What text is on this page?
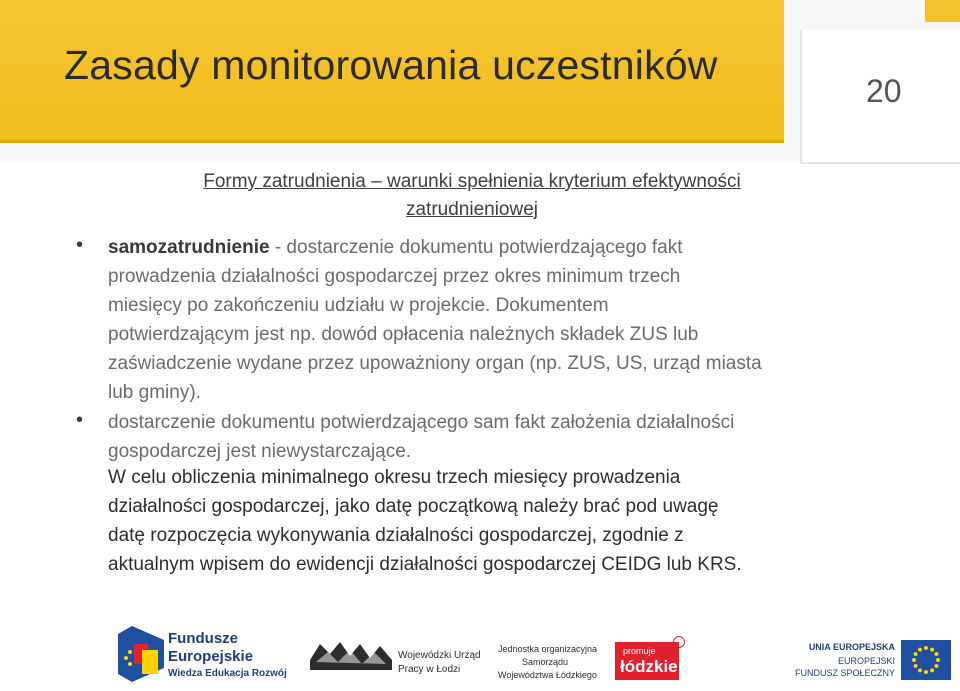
Zasady monitorowania uczestników
20
Formy zatrudnienia – warunki spełnienia kryterium efektywności
zatrudnieniowej
• samozatrudnienie - dostarczenie dokumentu potwierdzającego fakt
prowadzenia działalności gospodarczej przez okres minimum trzech
miesięcy po zakończeniu udziału w projekcie. Dokumentem
potwierdzającym jest np. dowód opłacenia należnych składek ZUS lub
zaświadczenie wydane przez upoważniony organ (np. ZUS, US, urząd miasta
lub gminy).
• dostarczenie dokumentu potwierdzającego sam fakt założenia działalności
gospodarczej jest niewystarczające.
W celu obliczenia minimalnego okresu trzech miesięcy prowadzenia
działalności gospodarczej, jako datę początkową należy brać pod uwagę
datę rozpoczęcia wykonywania działalności gospodarczej, zgodnie z
aktualnym wpisem do ewidencji działalności gospodarczej CEIDG lub KRS.
Fundusze
Europejskie
Wiedza Edukacja Rozwój
Wojewódzki Urząd
Pracy w Łodzi
Jednostka organizacyjna
Samorządu
Województwa Łódzkiego
promuje
łódzkie
UNIA EUROPEJSKA
EUROPEJSKI
FUNDUSZ SPOŁECZNY
